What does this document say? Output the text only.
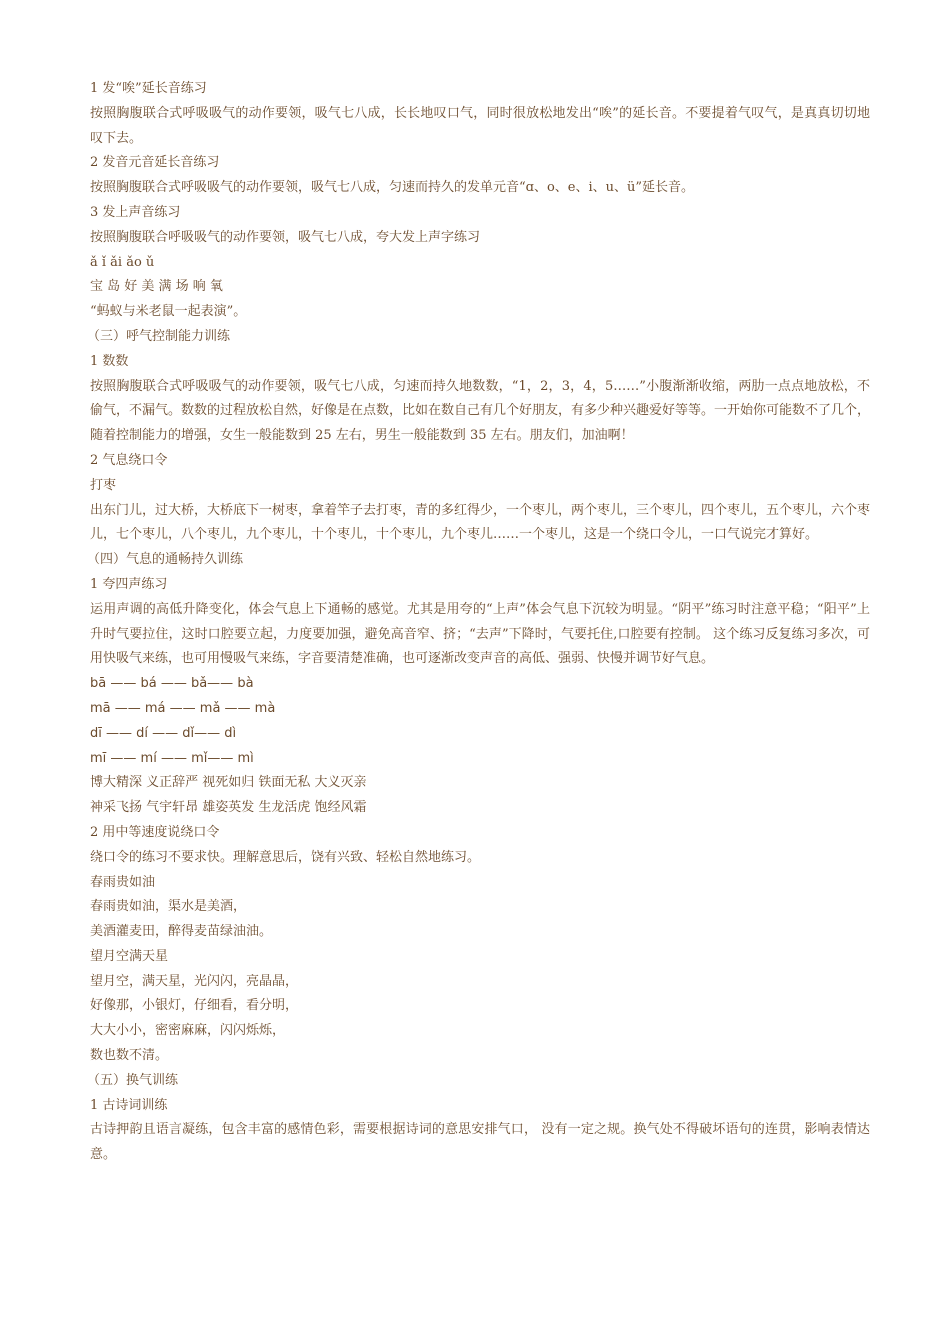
1 发“唉”延长音练习
按照胸腹联合式呼吸吸气的动作要领，吸气七八成，长长地叹口气，同时很放松地发出“唉”的延长音。不要提着气叹气，是真真切切地叹下去。
2 发音元音延长音练习
按照胸腹联合式呼吸吸气的动作要领，吸气七八成，匀速而持久的发单元音“ɑ、o、e、i、u、ü”延长音。
3 发上声音练习
按照胸腹联合呼吸吸气的动作要领，吸气七八成，夸大发上声字练习
ǎ ǐ ǎi ǎo ǔ
宝 岛 好 美 满 场 响 氧
“蚂蚁与米老鼠一起表演”。
（三）呼气控制能力训练
1 数数
按照胸腹联合式呼吸吸气的动作要领，吸气七八成，匀速而持久地数数，“1，2，3，4，5……”小腹渐渐收缩，两肋一点点地放松，不偷气，不漏气。数数的过程放松自然，好像是在点数，比如在数自己有几个好朋友，有多少种兴趣爱好等等。一开始你可能数不了几个，随着控制能力的增强，女生一般能数到 25 左右，男生一般能数到 35 左右。朋友们，加油啊！
2 气息绕口令
打枣
出东门儿，过大桥，大桥底下一树枣，拿着竿子去打枣，青的多红得少，一个枣儿，两个枣儿，三个枣儿，四个枣儿，五个枣儿，六个枣儿，七个枣儿，八个枣儿，九个枣儿，十个枣儿，十个枣儿，九个枣儿……一个枣儿，这是一个绕口令儿，一口气说完才算好。
（四）气息的通畅持久训练
1 夸四声练习
运用声调的高低升降变化，体会气息上下通畅的感觉。尤其是用夸的“上声”体会气息下沉较为明显。“阴平”练习时注意平稳；“阳平”上升时气要拉住，这时口腔要立起，力度要加强，避免高音窄、挤；“去声”下降时，气要托住,口腔要有控制。 这个练习反复练习多次，可用快吸气来练，也可用慢吸气来练，字音要清楚准确，也可逐渐改变声音的高低、强弱、快慢并调节好气息。
bā —— bá —— bǎ—— bà
mā —— má —— mǎ —— mà
dī —— dí —— dǐ—— dì
mī —— mí —— mǐ—— mì
博大精深 义正辞严 视死如归 铁面无私 大义灭亲
神采飞扬 气宇轩昂 雄姿英发 生龙活虎 饱经风霜
2 用中等速度说绕口令
绕口令的练习不要求快。理解意思后，饶有兴致、轻松自然地练习。
春雨贵如油
春雨贵如油，渠水是美酒，
美酒灌麦田，醉得麦苗绿油油。
望月空满天星
望月空，满天星，光闪闪，亮晶晶，
好像那，小银灯，仔细看，看分明，
大大小小，密密麻麻，闪闪烁烁，
数也数不清。
（五）换气训练
1 古诗词训练
古诗押韵且语言凝练，包含丰富的感情色彩，需要根据诗词的意思安排气口， 没有一定之规。换气处不得破坏语句的连贯，影响表情达意。
